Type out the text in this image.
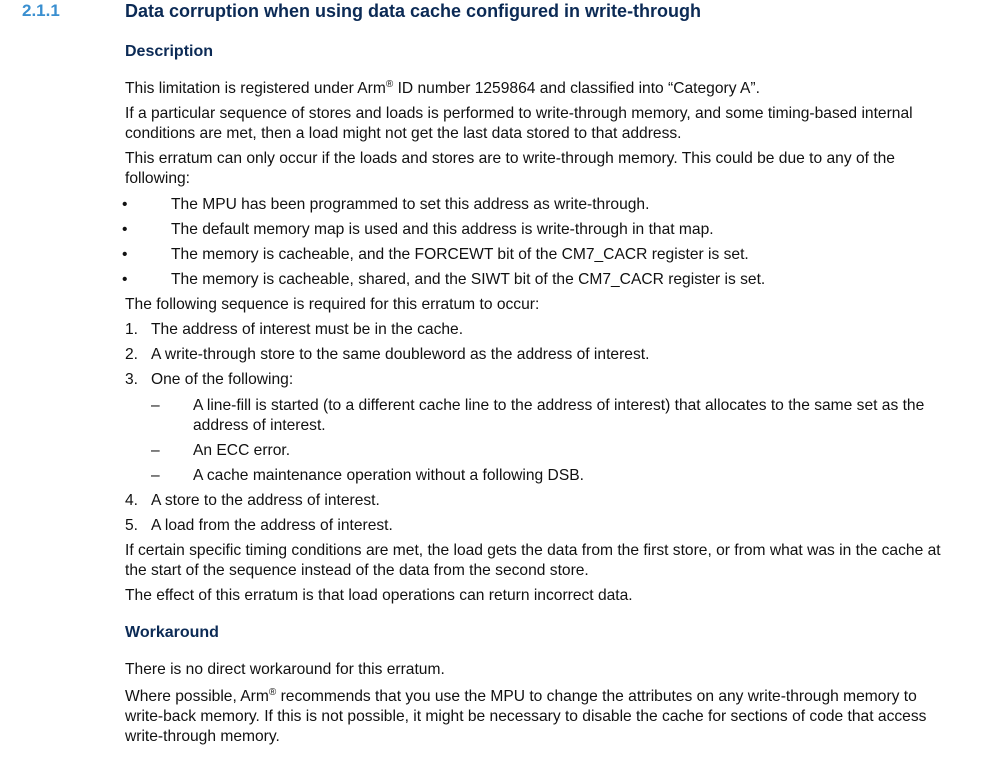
2.1.1	Data corruption when using data cache configured in write-through
Description

This limitation is registered under Arm® ID number 1259864 and classified into “Category A”.

If a particular sequence of stores and loads is performed to write-through memory, and some timing-based internal conditions are met, then a load might not get the last data stored to that address.

This erratum can only occur if the loads and stores are to write-through memory. This could be due to any of the following:

•	The MPU has been programmed to set this address as write-through.
•	The default memory map is used and this address is write-through in that map.
•	The memory is cacheable, and the FORCEWT bit of the CM7_CACR register is set.
•	The memory is cacheable, shared, and the SIWT bit of the CM7_CACR register is set.

The following sequence is required for this erratum to occur:

1. The address of interest must be in the cache.
2. A write-through store to the same doubleword as the address of interest.
3. One of the following:
– A line-fill is started (to a different cache line to the address of interest) that allocates to the same set as the address of interest.
– An ECC error.
– A cache maintenance operation without a following DSB.
4. A store to the address of interest.
5. A load from the address of interest.

If certain specific timing conditions are met, the load gets the data from the first store, or from what was in the cache at the start of the sequence instead of the data from the second store.

The effect of this erratum is that load operations can return incorrect data.

Workaround

There is no direct workaround for this erratum.

Where possible, Arm® recommends that you use the MPU to change the attributes on any write-through memory to write-back memory. If this is not possible, it might be necessary to disable the cache for sections of code that access write-through memory.
